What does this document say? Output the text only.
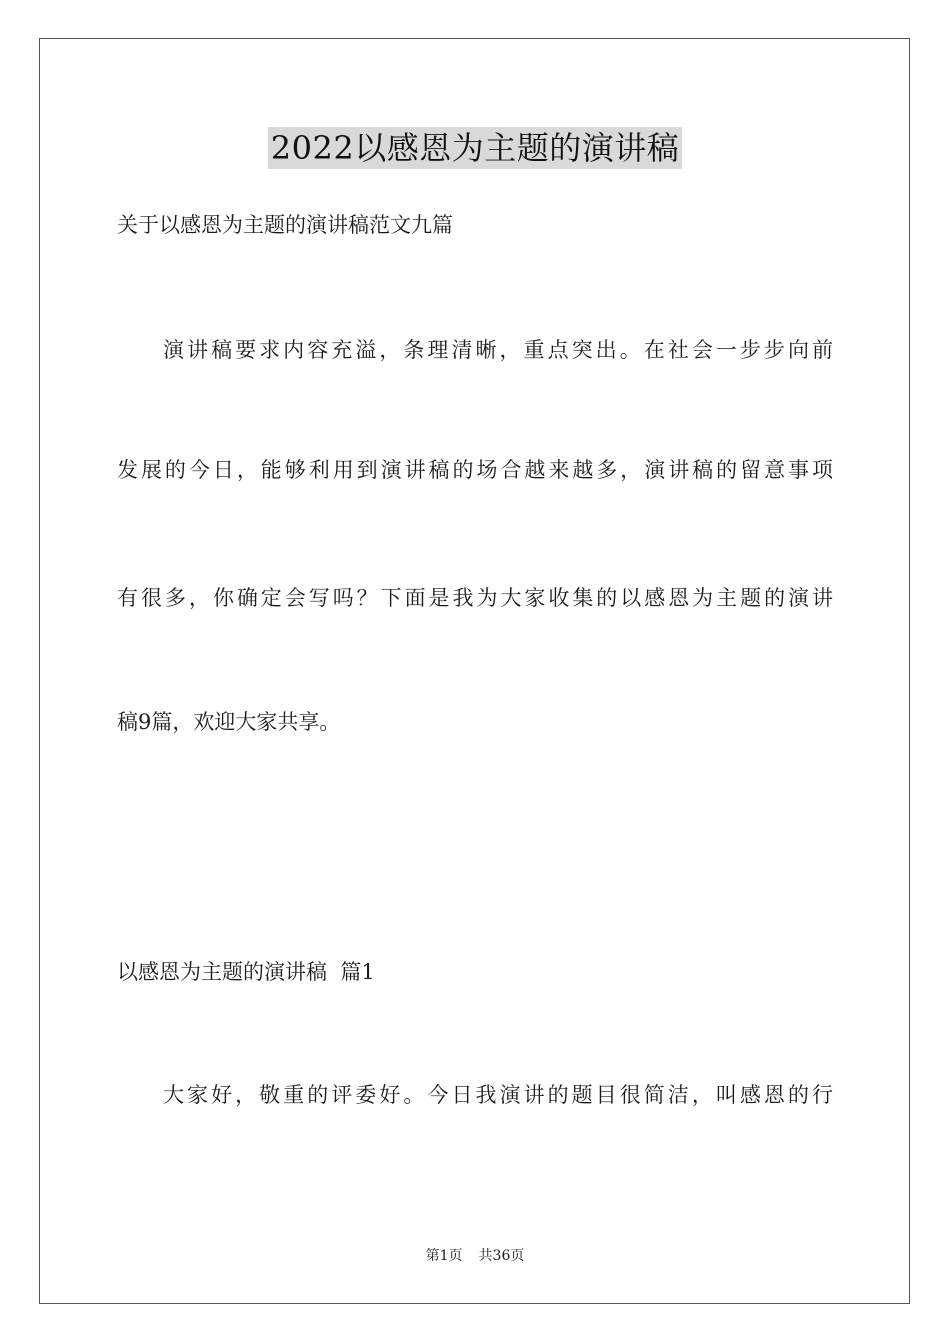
2022以感恩为主题的演讲稿
关于以感恩为主题的演讲稿范文九篇
演讲稿要求内容充溢，条理清晰，重点突出。在社会一步步向前
发展的今日，能够利用到演讲稿的场合越来越多，演讲稿的留意事项
有很多，你确定会写吗？下面是我为大家收集的以感恩为主题的演讲
稿9篇，欢迎大家共享。
以感恩为主题的演讲稿  篇1
大家好，敬重的评委好。今日我演讲的题目很简洁，叫感恩的行
第1页 共36页
